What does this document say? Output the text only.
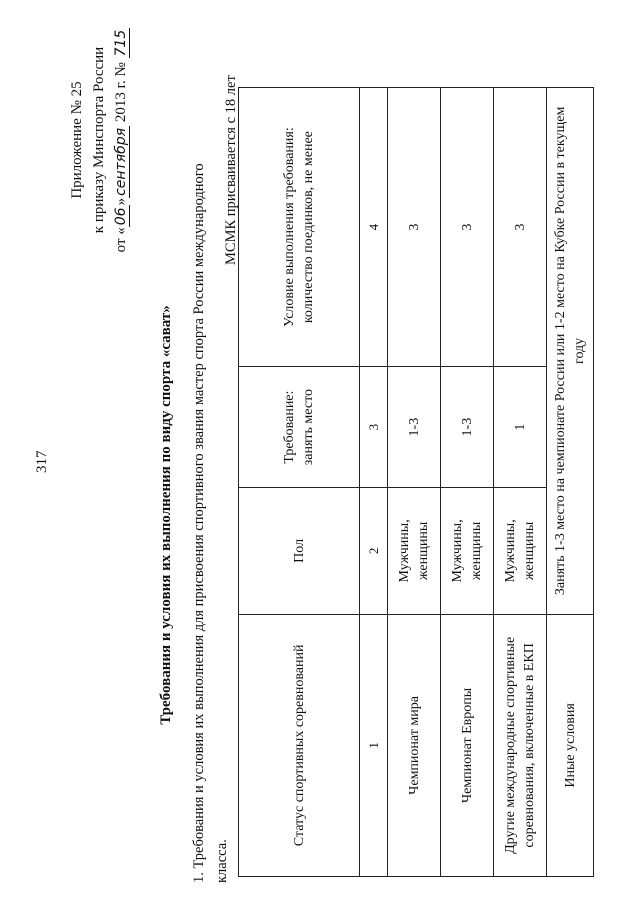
317
Приложение № 25 к приказу Минспорта России
от «06»сентября 2013 г. № 715
Требования и условия их выполнения по виду спорта «сават» 1. Требования и условия их выполнения для присвоения спортивного звания мастер спорта России международного класса.
МСМК присваивается с 18 лет
Статус спортивных соревнований	Пол	Требование: занять место	Условие выполнения требования: количество поединков, не менее
1	2	3	4
Чемпионат мира	Мужчины, женщины	1-3	3
Чемпионат Европы	Мужчины, женщины	1-3	3
Другие международные спортивные соревнования, включенные в ЕКП	Мужчины, женщины	1	3
Иные условия	Занять 1-3 место на чемпионате России или 1-2 место на Кубке России в текущем году		
